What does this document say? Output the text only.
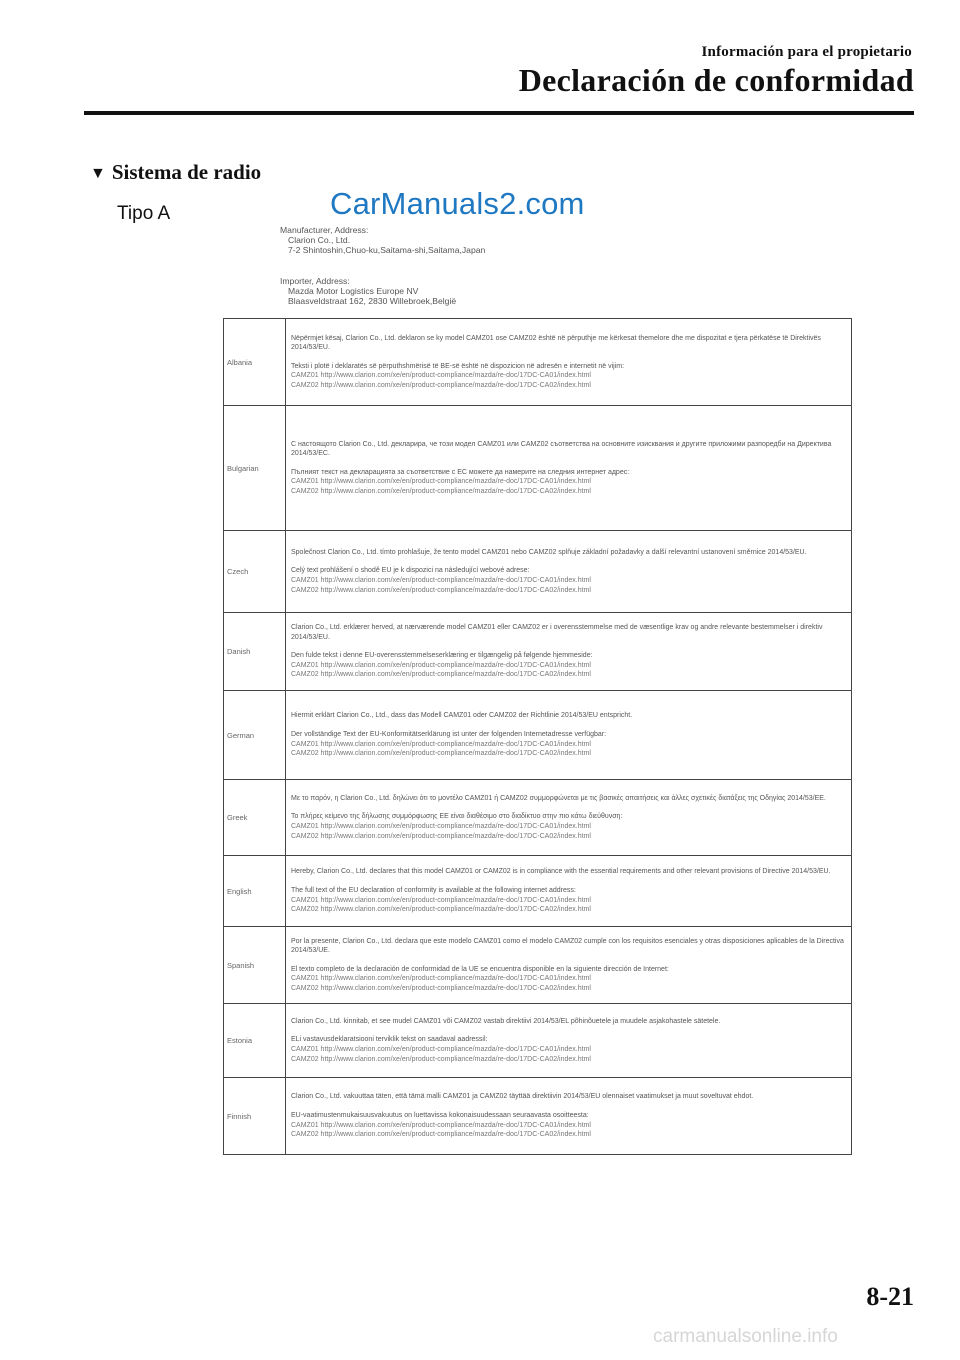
Información para el propietario
Declaración de conformidad
▼ Sistema de radio
Tipo A	CarManuals2.com
Manufacturer, Address:
Clarion Co., Ltd.
7-2 Shintoshin,Chuo-ku,Saitama-shi,Saitama,Japan
Importer, Address:
Mazda Motor Logistics Europe NV
Blaasveldstraat 162, 2830 Willebroek,België
Albania	Nëpërmjet kësaj, Clarion Co., Ltd. deklaron se ky model CAMZ01 ose CAMZ02 është në përputhje me kërkesat themelore dhe me dispozitat e tjera përkatëse të Direktivës 2014/53/EU.
Teksti i plotë i deklaratës së përputhshmërisë të BE-së është në dispozicion në adresën e internetit në vijim:
CAMZ01 http://www.clarion.com/xe/en/product-compliance/mazda/re-doc/17DC-CA01/index.html
CAMZ02 http://www.clarion.com/xe/en/product-compliance/mazda/re-doc/17DC-CA02/index.html

Bulgarian	С настоящото Clarion Co., Ltd. декларира, че този модел CAMZ01 или CAMZ02 съответства на основните изисквания и другите приложими разпоредби на Директива 2014/53/ЕС.
Пълният текст на декларацията за съответствие с ЕС можете да намерите на следния интернет адрес:
CAMZ01 http://www.clarion.com/xe/en/product-compliance/mazda/re-doc/17DC-CA01/index.html
CAMZ02 http://www.clarion.com/xe/en/product-compliance/mazda/re-doc/17DC-CA02/index.html

Czech	Společnost Clarion Co., Ltd. tímto prohlašuje, že tento model CAMZ01 nebo CAMZ02 splňuje základní požadavky a další relevantní ustanovení směrnice 2014/53/EU.
Celý text prohlášení o shodě EU je k dispozici na následující webové adrese:
CAMZ01 http://www.clarion.com/xe/en/product-compliance/mazda/re-doc/17DC-CA01/index.html
CAMZ02 http://www.clarion.com/xe/en/product-compliance/mazda/re-doc/17DC-CA02/index.html

Danish	Clarion Co., Ltd. erklærer herved, at nærværende model CAMZ01 eller CAMZ02 er i overensstemmelse med de væsentlige krav og andre relevante bestemmelser i direktiv 2014/53/EU.
Den fulde tekst i denne EU-overensstemmelseserklæring er tilgængelig på følgende hjemmeside:
CAMZ01 http://www.clarion.com/xe/en/product-compliance/mazda/re-doc/17DC-CA01/index.html
CAMZ02 http://www.clarion.com/xe/en/product-compliance/mazda/re-doc/17DC-CA02/index.html

German	Hiermit erklärt Clarion Co., Ltd., dass das Modell CAMZ01 oder CAMZ02 der Richtlinie 2014/53/EU entspricht.
Der vollständige Text der EU-Konformitätserklärung ist unter der folgenden Internetadresse verfügbar:
CAMZ01 http://www.clarion.com/xe/en/product-compliance/mazda/re-doc/17DC-CA01/index.html
CAMZ02 http://www.clarion.com/xe/en/product-compliance/mazda/re-doc/17DC-CA02/index.html

Greek	Με το παρόν, η Clarion Co., Ltd. δηλώνει ότι το μοντέλο CAMZ01 ή CAMZ02 συμμορφώνεται με τις βασικές απαιτήσεις και άλλες σχετικές διατάξεις της Οδηγίας 2014/53/ΕΕ.
Το πλήρες κείμενο της δήλωσης συμμόρφωσης ΕΕ είναι διαθέσιμο στο διαδίκτυο στην πιο κάτω διεύθυνση:
CAMZ01 http://www.clarion.com/xe/en/product-compliance/mazda/re-doc/17DC-CA01/index.html
CAMZ02 http://www.clarion.com/xe/en/product-compliance/mazda/re-doc/17DC-CA02/index.html

English	Hereby, Clarion Co., Ltd. declares that this model CAMZ01 or CAMZ02 is in compliance with the essential requirements and other relevant provisions of Directive 2014/53/EU.
The full text of the EU declaration of conformity is available at the following internet address:
CAMZ01 http://www.clarion.com/xe/en/product-compliance/mazda/re-doc/17DC-CA01/index.html
CAMZ02 http://www.clarion.com/xe/en/product-compliance/mazda/re-doc/17DC-CA02/index.html

Spanish	Por la presente, Clarion Co., Ltd. declara que este modelo CAMZ01 como el modelo CAMZ02 cumple con los requisitos esenciales y otras disposiciones aplicables de la Directiva 2014/53/UE.
El texto completo de la declaración de conformidad de la UE se encuentra disponible en la siguiente dirección de Internet:
CAMZ01 http://www.clarion.com/xe/en/product-compliance/mazda/re-doc/17DC-CA01/index.html
CAMZ02 http://www.clarion.com/xe/en/product-compliance/mazda/re-doc/17DC-CA02/index.html

Estonia	Clarion Co., Ltd. kinnitab, et see mudel CAMZ01 või CAMZ02 vastab direktiivi 2014/53/EL põhinõuetele ja muudele asjakohastele sätetele.
ELi vastavusdeklaratsiooni terviklik tekst on saadaval aadressil:
CAMZ01 http://www.clarion.com/xe/en/product-compliance/mazda/re-doc/17DC-CA01/index.html
CAMZ02 http://www.clarion.com/xe/en/product-compliance/mazda/re-doc/17DC-CA02/index.html

Finnish	Clarion Co., Ltd. vakuuttaa täten, että tämä malli CAMZ01 ja CAMZ02 täyttää direktiivin 2014/53/EU olennaiset vaatimukset ja muut soveltuvat ehdot.
EU-vaatimustenmukaisuusvakuutus on luettavissa kokonaisuudessaan seuraavasta osoitteesta:
CAMZ01 http://www.clarion.com/xe/en/product-compliance/mazda/re-doc/17DC-CA01/index.html
CAMZ02 http://www.clarion.com/xe/en/product-compliance/mazda/re-doc/17DC-CA02/index.html
8-21
carmanualsonline.info
